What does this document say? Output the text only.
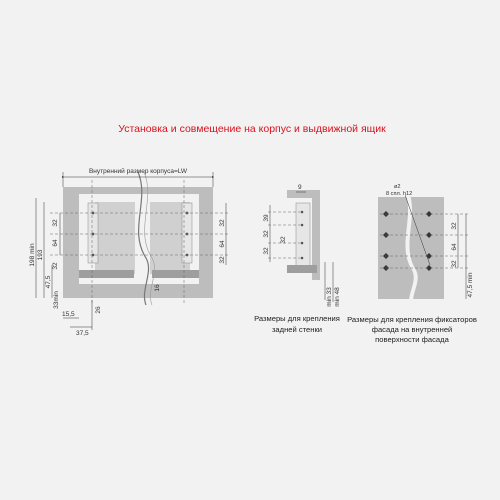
Установка и совмещение на корпус и выдвижной ящик
Внутренний размер корпуса=LW
198 min 193
47,5
33min
32
64
32
15,5
37,5
26
16
32
64
32
9
39
32
32
32
min 33 min 48
Размеры для крепления
задней стенки
ø2
8 спл. h12
32
64
32
47,5 min
Размеры для крепления фиксаторов
фасада на внутренней
поверхности фасада
